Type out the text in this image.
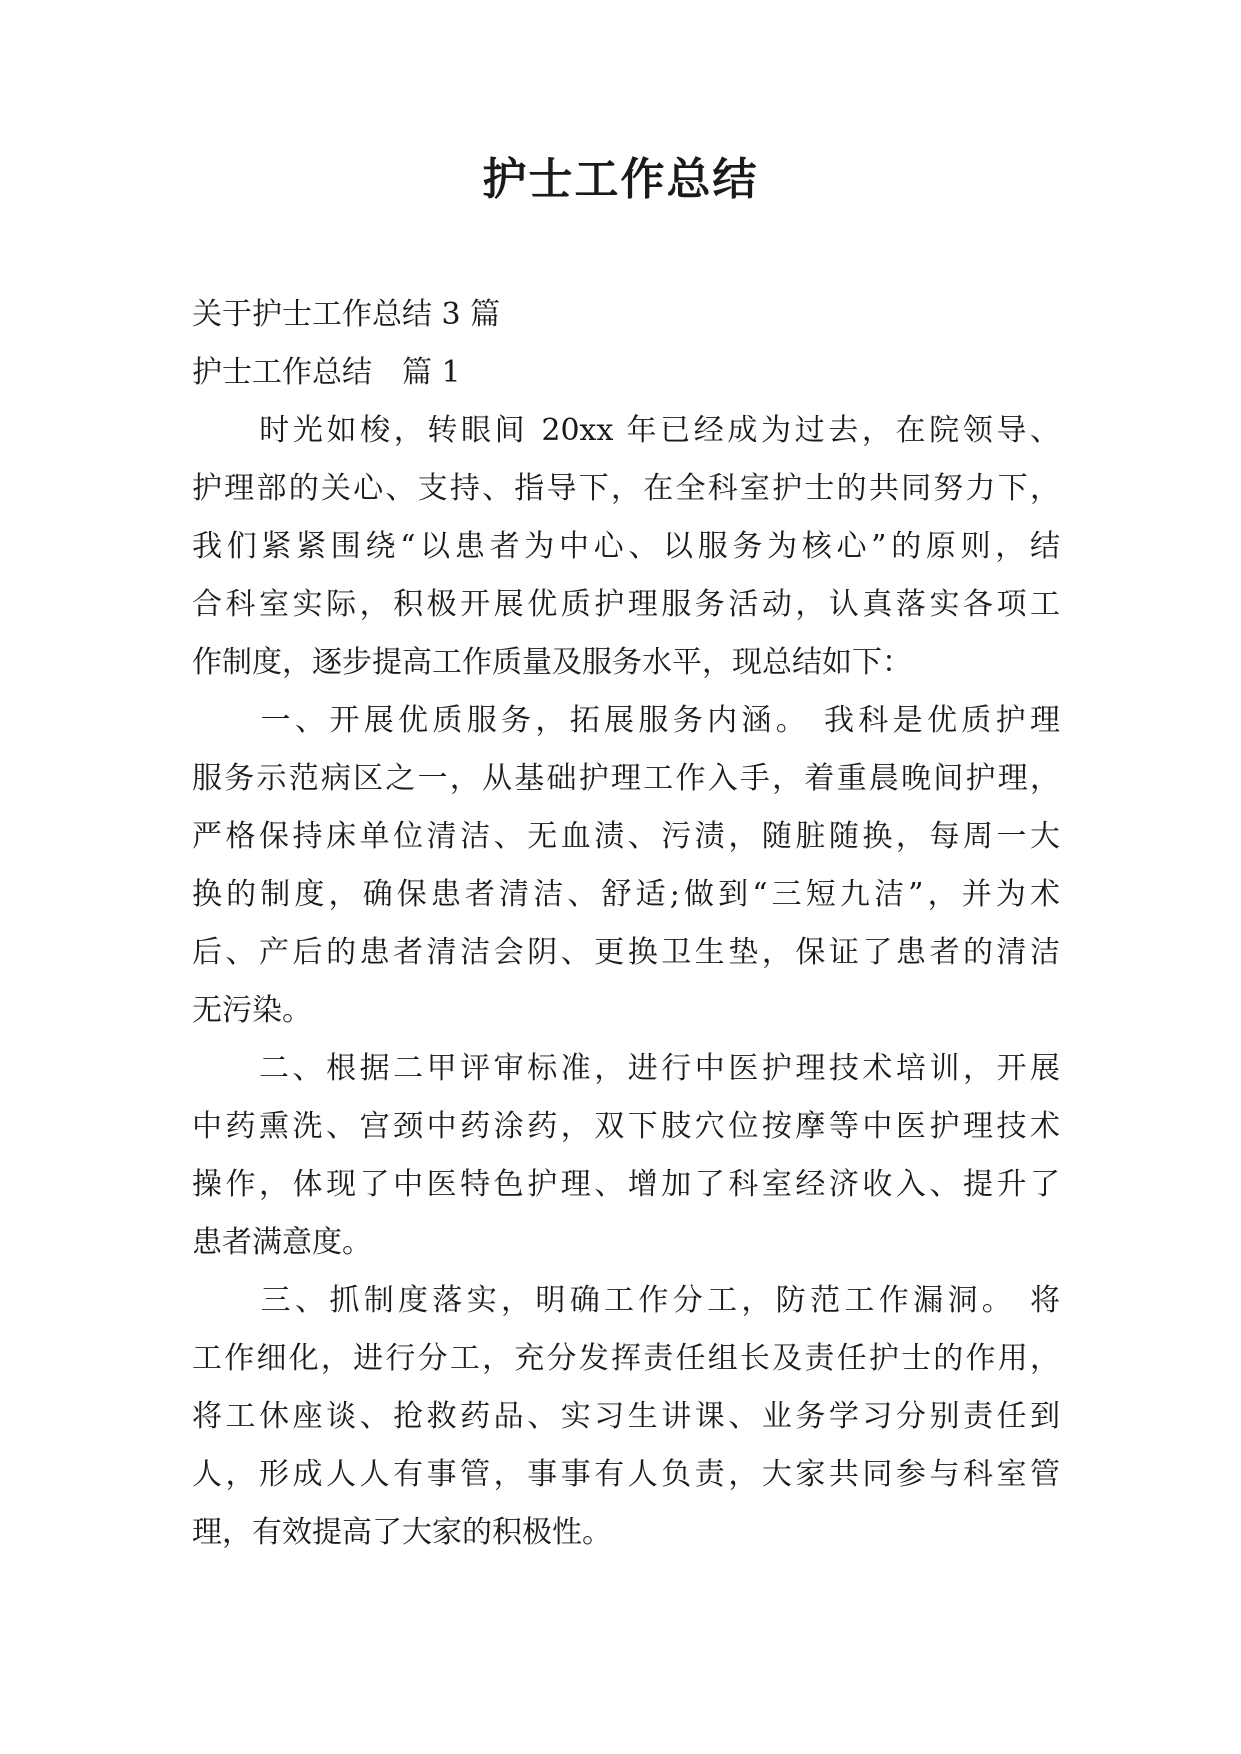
护士工作总结
关于护士工作总结 3 篇
护士工作总结　篇 1
　　时光如梭，转眼间 20xx 年已经成为过去，在院领导、
护理部的关心、支持、指导下，在全科室护士的共同努力下，
我们紧紧围绕“以患者为中心、以服务为核心”的原则，结
合科室实际，积极开展优质护理服务活动，认真落实各项工
作制度，逐步提高工作质量及服务水平，现总结如下：
　　一、开展优质服务，拓展服务内涵。 我科是优质护理
服务示范病区之一，从基础护理工作入手，着重晨晚间护理，
严格保持床单位清洁、无血渍、污渍，随脏随换，每周一大
换的制度，确保患者清洁、舒适;做到“三短九洁”，并为术
后、产后的患者清洁会阴、更换卫生垫，保证了患者的清洁
无污染。
　　二、根据二甲评审标准，进行中医护理技术培训，开展
中药熏洗、宫颈中药涂药，双下肢穴位按摩等中医护理技术
操作，体现了中医特色护理、增加了科室经济收入、提升了
患者满意度。
　　三、抓制度落实，明确工作分工，防范工作漏洞。 将
工作细化，进行分工，充分发挥责任组长及责任护士的作用，
将工休座谈、抢救药品、实习生讲课、业务学习分别责任到
人，形成人人有事管，事事有人负责，大家共同参与科室管
理，有效提高了大家的积极性。
